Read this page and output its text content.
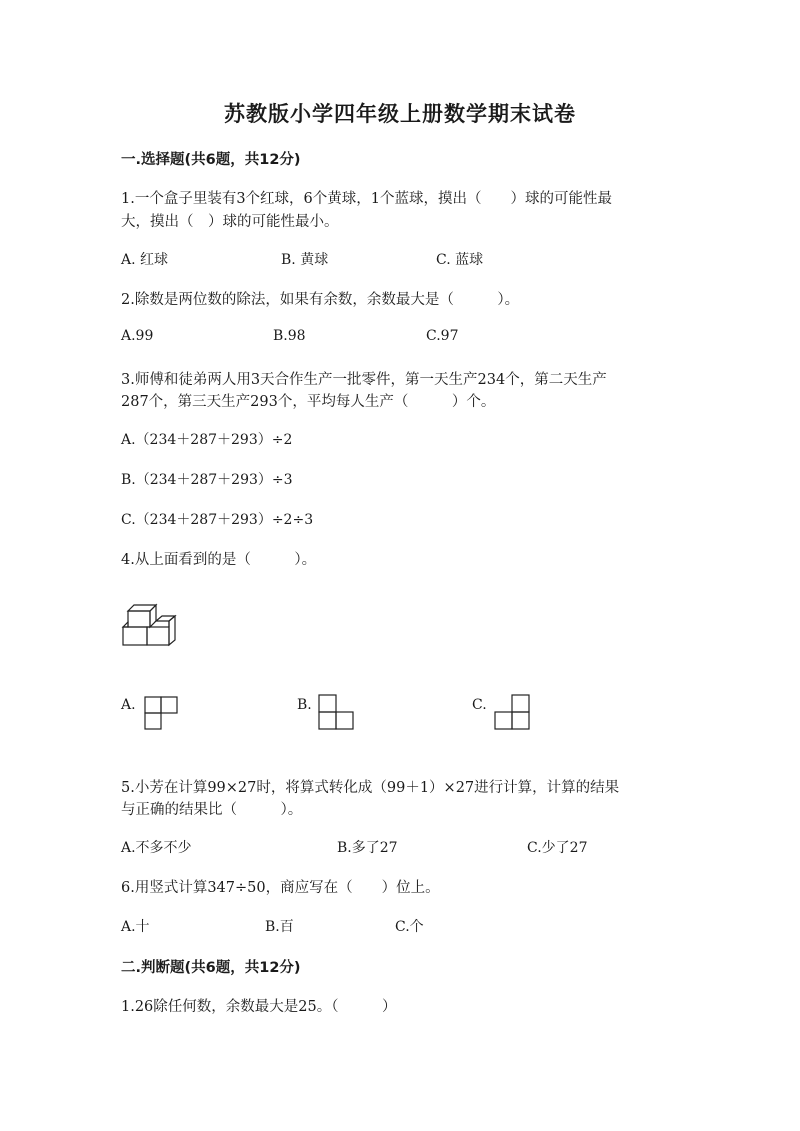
苏教版小学四年级上册数学期末试卷
一.选择题(共6题，共12分)
1.一个盒子里装有3个红球，6个黄球，1个蓝球，摸出（　　）球的可能性最
大，摸出（　）球的可能性最小。
A. 红球	B. 黄球	C. 蓝球
2.除数是两位数的除法，如果有余数，余数最大是（　　　）。
A.99	B.98	C.97
3.师傅和徒弟两人用3天合作生产一批零件，第一天生产234个，第二天生产
287个，第三天生产293个，平均每人生产（　　　）个。
A.（234＋287＋293）÷2
B.（234＋287＋293）÷3
C.（234＋287＋293）÷2÷3
4.从上面看到的是（　　　）。
A.	B.	C.
5.小芳在计算99×27时，将算式转化成（99＋1）×27进行计算，计算的结果
与正确的结果比（　　　）。
A.不多不少	B.多了27	C.少了27
6.用竖式计算347÷50，商应写在（　　）位上。
A.十	B.百	C.个
二.判断题(共6题，共12分)
1.26除任何数，余数最大是25。（　　　）
